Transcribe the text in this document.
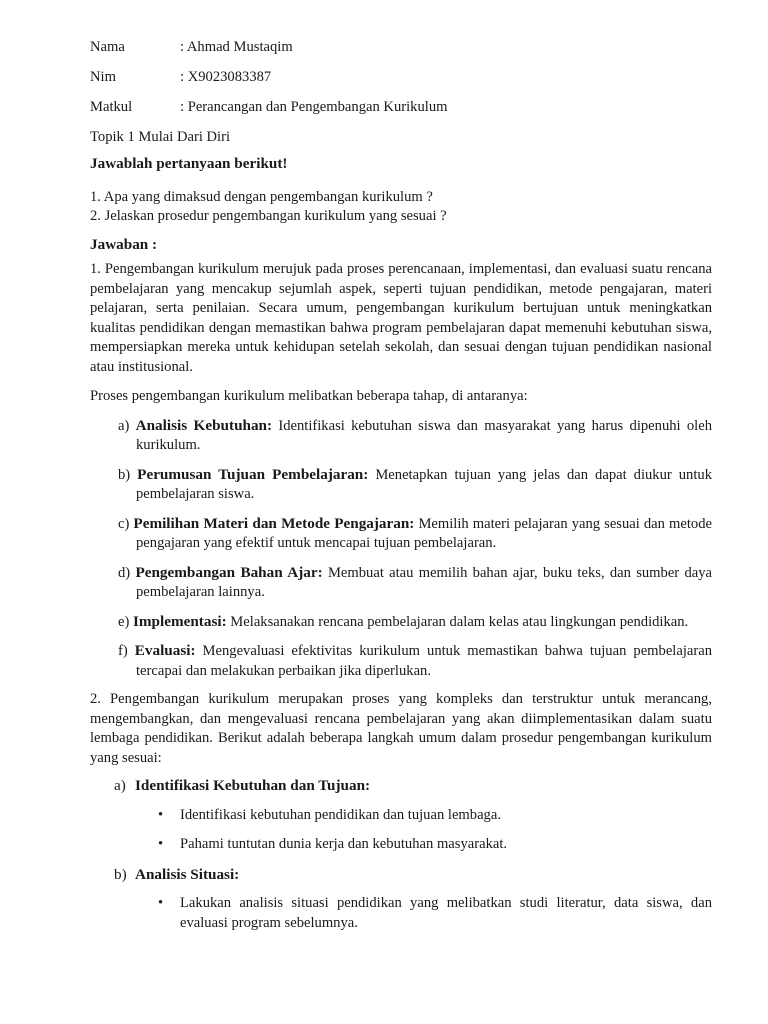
Nama	: Ahmad Mustaqim
Nim	: X9023083387
Matkul	: Perancangan dan Pengembangan Kurikulum
Topik 1 Mulai Dari Diri
Jawablah pertanyaan berikut!

1. Apa yang dimaksud dengan pengembangan kurikulum ?

2. Jelaskan prosedur pengembangan kurikulum yang sesuai ?

Jawaban :

1. Pengembangan kurikulum merujuk pada proses perencanaan, implementasi, dan evaluasi suatu rencana pembelajaran yang mencakup sejumlah aspek, seperti tujuan pendidikan, metode pengajaran, materi pelajaran, serta penilaian. Secara umum, pengembangan kurikulum bertujuan untuk meningkatkan kualitas pendidikan dengan memastikan bahwa program pembelajaran dapat memenuhi kebutuhan siswa, mempersiapkan mereka untuk kehidupan setelah sekolah, dan sesuai dengan tujuan pendidikan nasional atau institusional.

Proses pengembangan kurikulum melibatkan beberapa tahap, di antaranya:

a) Analisis Kebutuhan: Identifikasi kebutuhan siswa dan masyarakat yang harus dipenuhi oleh kurikulum.
b) Perumusan Tujuan Pembelajaran: Menetapkan tujuan yang jelas dan dapat diukur untuk pembelajaran siswa.
c) Pemilihan Materi dan Metode Pengajaran: Memilih materi pelajaran yang sesuai dan metode pengajaran yang efektif untuk mencapai tujuan pembelajaran.
d) Pengembangan Bahan Ajar: Membuat atau memilih bahan ajar, buku teks, dan sumber daya pembelajaran lainnya.
e) Implementasi: Melaksanakan rencana pembelajaran dalam kelas atau lingkungan pendidikan.
f) Evaluasi: Mengevaluasi efektivitas kurikulum untuk memastikan bahwa tujuan pembelajaran tercapai dan melakukan perbaikan jika diperlukan.

2. Pengembangan kurikulum merupakan proses yang kompleks dan terstruktur untuk merancang, mengembangkan, dan mengevaluasi rencana pembelajaran yang akan diimplementasikan dalam suatu lembaga pendidikan. Berikut adalah beberapa langkah umum dalam prosedur pengembangan kurikulum yang sesuai:

a) Identifikasi Kebutuhan dan Tujuan:
• Identifikasi kebutuhan pendidikan dan tujuan lembaga.
• Pahami tuntutan dunia kerja dan kebutuhan masyarakat.
b) Analisis Situasi:
• Lakukan analisis situasi pendidikan yang melibatkan studi literatur, data siswa, dan evaluasi program sebelumnya.
